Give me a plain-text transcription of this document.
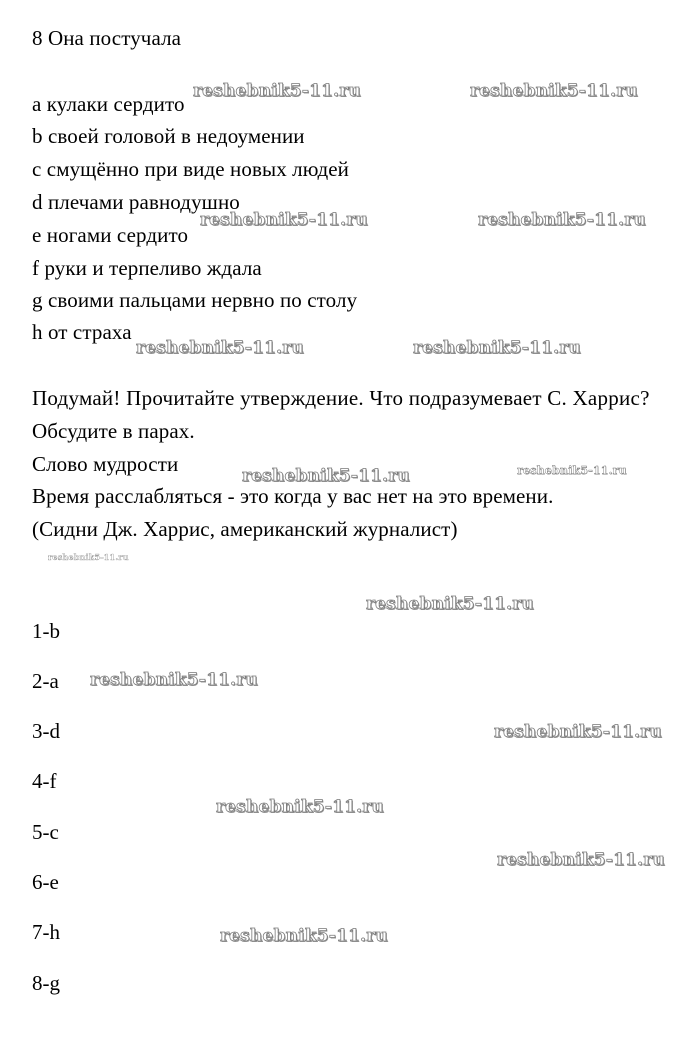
8 Она постучала
a кулаки сердито
b своей головой в недоумении
c смущённо при виде новых людей
d плечами равнодушно
e ногами сердито
f руки и терпеливо ждала
g своими пальцами нервно по столу
h от страха
Подумай! Прочитайте утверждение. Что подразумевает С. Харрис?
Обсудите в парах.
Слово мудрости
Время расслабляться - это когда у вас нет на это времени.
(Сидни Дж. Харрис, американский журналист)
1-b
2-a
3-d
4-f
5-c
6-e
7-h
8-g
reshebnik5-11.ru	reshebnik5-11.ru
reshebnik5-11.ru	reshebnik5-11.ru
reshebnik5-11.ru	reshebnik5-11.ru
reshebnik5-11.ru	reshebnik5-11.ru
reshebnik5-11.ru
reshebnik5-11.ru
reshebnik5-11.ru
reshebnik5-11.ru
reshebnik5-11.ru
reshebnik5-11.ru
reshebnik5-11.ru
